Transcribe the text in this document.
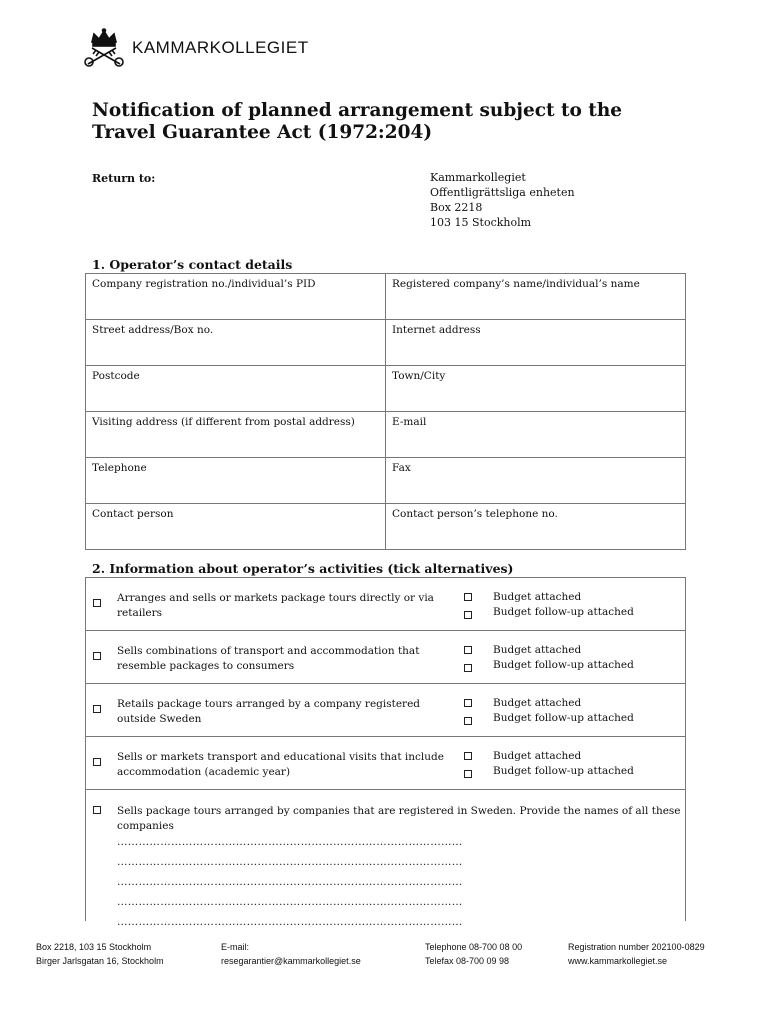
KAMMARKOLLEGIET
Notification of planned arrangement subject to the Travel Guarantee Act (1972:204)
Return to:	Kammarkollegiet
Offentligrättsliga enheten
Box 2218
103 15 Stockholm
1. Operator’s contact details
Company registration no./individual’s PID	Registered company’s name/individual’s name
Street address/Box no.	Internet address
Postcode	Town/City
Visiting address (if different from postal address)	E-mail
Telephone	Fax
Contact person	Contact person’s telephone no.
2. Information about operator’s activities (tick alternatives)
Arranges and sells or markets package tours directly or via retailers
Budget attached
Budget follow-up attached
Sells combinations of transport and accommodation that resemble packages to consumers
Budget attached
Budget follow-up attached
Retails package tours arranged by a company registered outside Sweden
Budget attached
Budget follow-up attached
Sells or markets transport and educational visits that include accommodation (academic year)
Budget attached
Budget follow-up attached
Sells package tours arranged by companies that are registered in Sweden. Provide the names of all these companies
……………………………………………………………………………………
……………………………………………………………………………………
……………………………………………………………………………………
……………………………………………………………………………………
……………………………………………………………………………………
Box 2218, 103 15 Stockholm
Birger Jarlsgatan 16, Stockholm
E-mail:
resegarantier@kammarkollegiet.se
Telephone 08-700 08 00
Telefax 08-700 09 98
Registration number 202100-0829
www.kammarkollegiet.se
